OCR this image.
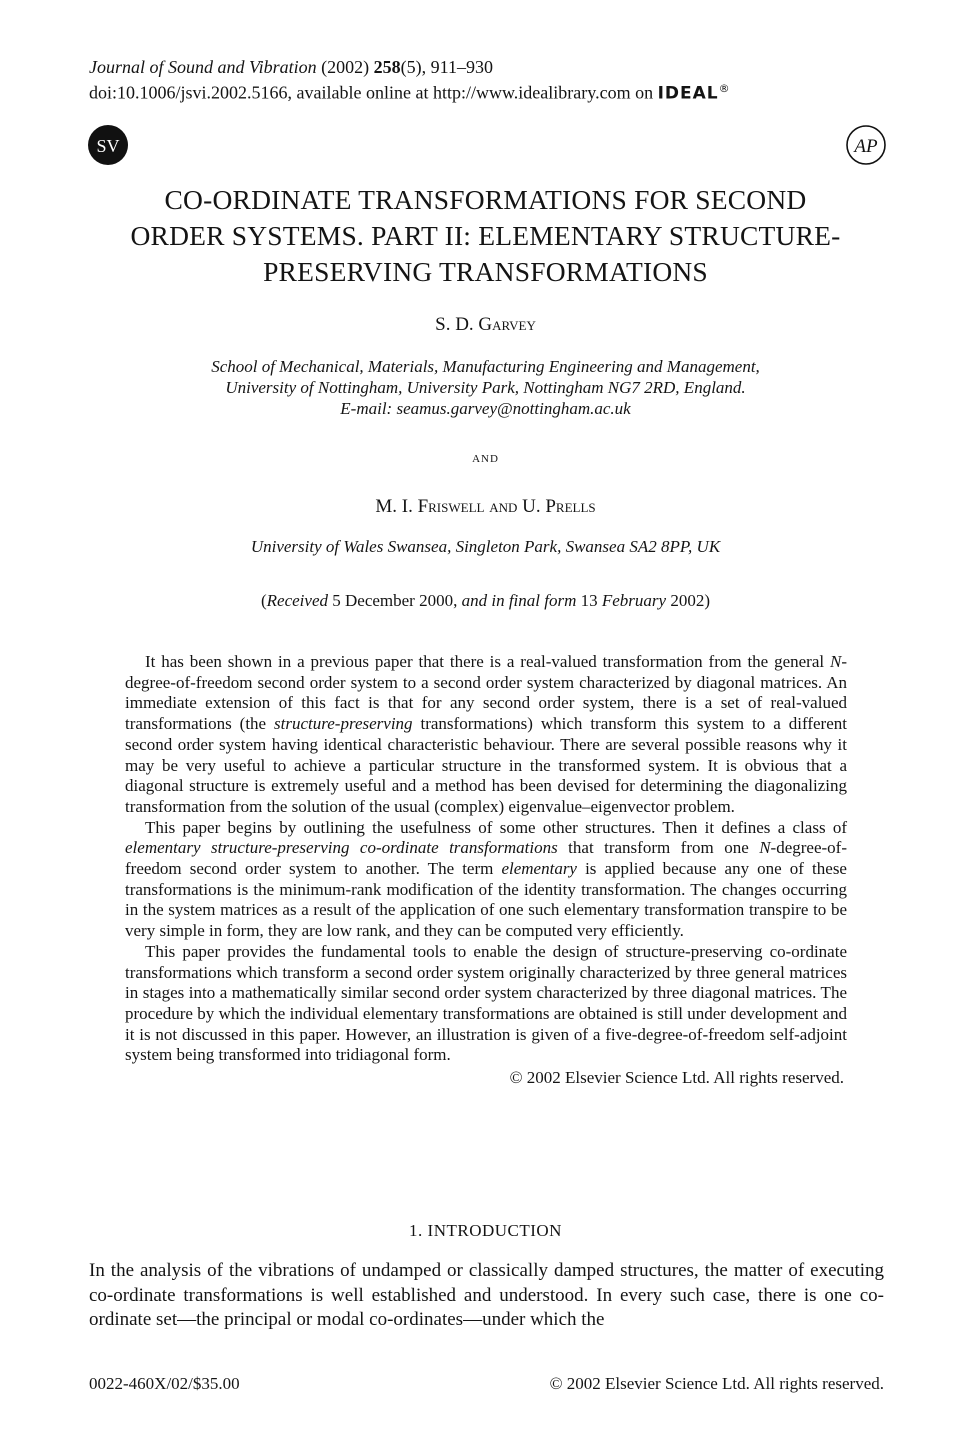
Journal of Sound and Vibration (2002) 258(5), 911–930
doi:10.1006/jsvi.2002.5166, available online at http://www.idealibrary.com on IDEAL®
SV	AP
CO-ORDINATE TRANSFORMATIONS FOR SECOND
ORDER SYSTEMS. PART II: ELEMENTARY STRUCTURE-
PRESERVING TRANSFORMATIONS
S. D. Garvey
School of Mechanical, Materials, Manufacturing Engineering and Management,
University of Nottingham, University Park, Nottingham NG7 2RD, England.
E-mail: seamus.garvey@nottingham.ac.uk
and
M. I. Friswell and U. Prells
University of Wales Swansea, Singleton Park, Swansea SA2 8PP, UK
(Received 5 December 2000, and in final form 13 February 2002)

It has been shown in a previous paper that there is a real-valued transformation from the general N-degree-of-freedom second order system to a second order system characterized by diagonal matrices. An immediate extension of this fact is that for any second order system, there is a set of real-valued transformations (the structure-preserving transformations) which transform this system to a different second order system having identical characteristic behaviour. There are several possible reasons why it may be very useful to achieve a particular structure in the transformed system. It is obvious that a diagonal structure is extremely useful and a method has been devised for determining the diagonalizing transformation from the solution of the usual (complex) eigenvalue–eigenvector problem.

This paper begins by outlining the usefulness of some other structures. Then it defines a class of elementary structure-preserving co-ordinate transformations that transform from one N-degree-of-freedom second order system to another. The term elementary is applied because any one of these transformations is the minimum-rank modification of the identity transformation. The changes occurring in the system matrices as a result of the application of one such elementary transformation transpire to be very simple in form, they are low rank, and they can be computed very efficiently.

This paper provides the fundamental tools to enable the design of structure-preserving co-ordinate transformations which transform a second order system originally characterized by three general matrices in stages into a mathematically similar second order system characterized by three diagonal matrices. The procedure by which the individual elementary transformations are obtained is still under development and it is not discussed in this paper. However, an illustration is given of a five-degree-of-freedom self-adjoint system being transformed into tridiagonal form.

© 2002 Elsevier Science Ltd. All rights reserved.
1. INTRODUCTION
In the analysis of the vibrations of undamped or classically damped structures, the matter of executing co-ordinate transformations is well established and understood. In every such case, there is one co-ordinate set—the principal or modal co-ordinates—under which the
0022-460X/02/$35.00	© 2002 Elsevier Science Ltd. All rights reserved.
